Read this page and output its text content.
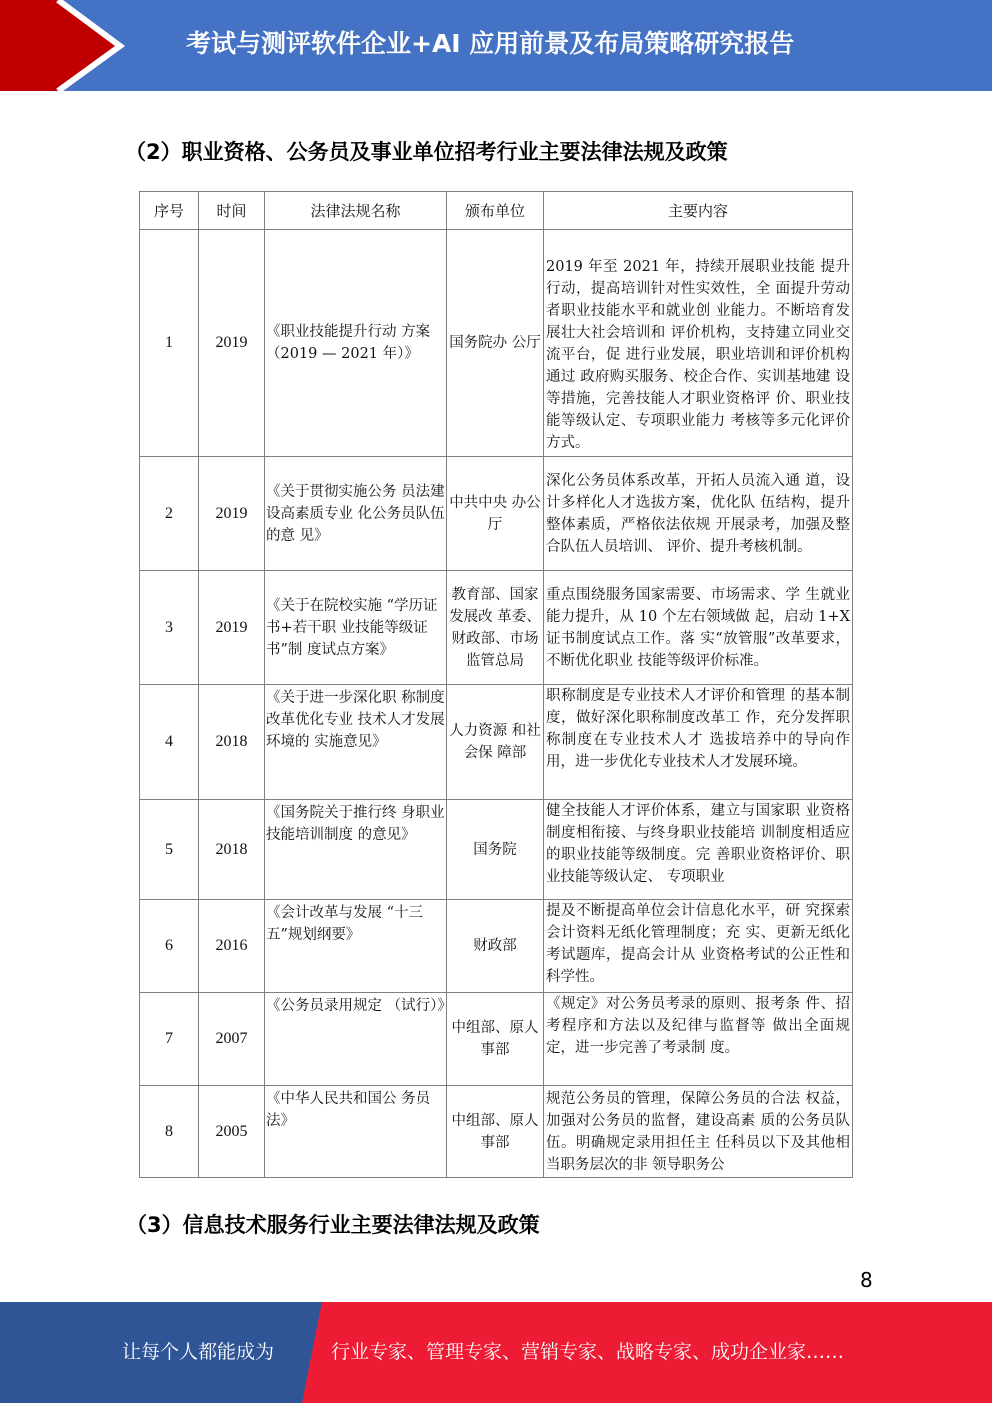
考试与测评软件企业+AI 应用前景及布局策略研究报告
（2）职业资格、公务员及事业单位招考行业主要法律法规及政策
序号	时间	法律法规名称	颁布单位	主要内容
1	2019	《职业技能提升行动 方案（2019 — 2021 年）》	国务院办 公厅	2019 年至 2021 年，持续开展职业技能 提升行动，提高培训针对性实效性，全 面提升劳动者职业技能水平和就业创 业能力。不断培育发展壮大社会培训和 评价机构，支持建立同业交流平台，促 进行业发展，职业培训和评价机构通过 政府购买服务、校企合作、实训基地建 设等措施，完善技能人才职业资格评 价、职业技能等级认定、专项职业能力 考核等多元化评价方式。
2	2019	《关于贯彻实施公务 员法建设高素质专业 化公务员队伍的意 见》	中共中央 办公厅	深化公务员体系改革，开拓人员流入通 道，设计多样化人才选拔方案，优化队 伍结构，提升整体素质，严格依法依规 开展录考，加强及整合队伍人员培训、 评价、提升考核机制。
3	2019	《关于在院校实施 “学历证书+若干职 业技能等级证书”制 度试点方案》	教育部、国家发展改 革委、财政部、市场监管总局	重点围绕服务国家需要、市场需求、学 生就业能力提升，从 10 个左右领域做 起，启动 1+X 证书制度试点工作。落 实“放管服”改革要求，不断优化职业 技能等级评价标准。
4	2018	《关于进一步深化职 称制度改革优化专业 技术人才发展环境的 实施意见》	人力资源 和社会保 障部	职称制度是专业技术人才评价和管理 的基本制度，做好深化职称制度改革工 作，充分发挥职称制度在专业技术人才 选拔培养中的导向作用，进一步优化专业技术人才发展环境。
5	2018	《国务院关于推行终 身职业技能培训制度 的意见》	国务院	健全技能人才评价体系，建立与国家职 业资格制度相衔接、与终身职业技能培 训制度相适应的职业技能等级制度。完 善职业资格评价、职业技能等级认定、 专项职业
6	2016	《会计改革与发展 “十三五”规划纲要》	财政部	提及不断提高单位会计信息化水平，研 究探索会计资料无纸化管理制度；充 实、更新无纸化考试题库，提高会计从 业资格考试的公正性和科学性。
7	2007	《公务员录用规定 （试行）》	中组部、原人事部	《规定》对公务员考录的原则、报考条 件、招考程序和方法以及纪律与监督等 做出全面规定，进一步完善了考录制 度。
8	2005	《中华人民共和国公 务员法》	中组部、原人事部	规范公务员的管理，保障公务员的合法 权益，加强对公务员的监督，建设高素 质的公务员队伍。明确规定录用担任主 任科员以下及其他相当职务层次的非 领导职务公
（3）信息技术服务行业主要法律法规及政策
8
让每个人都能成为	行业专家、管理专家、营销专家、战略专家、成功企业家……
